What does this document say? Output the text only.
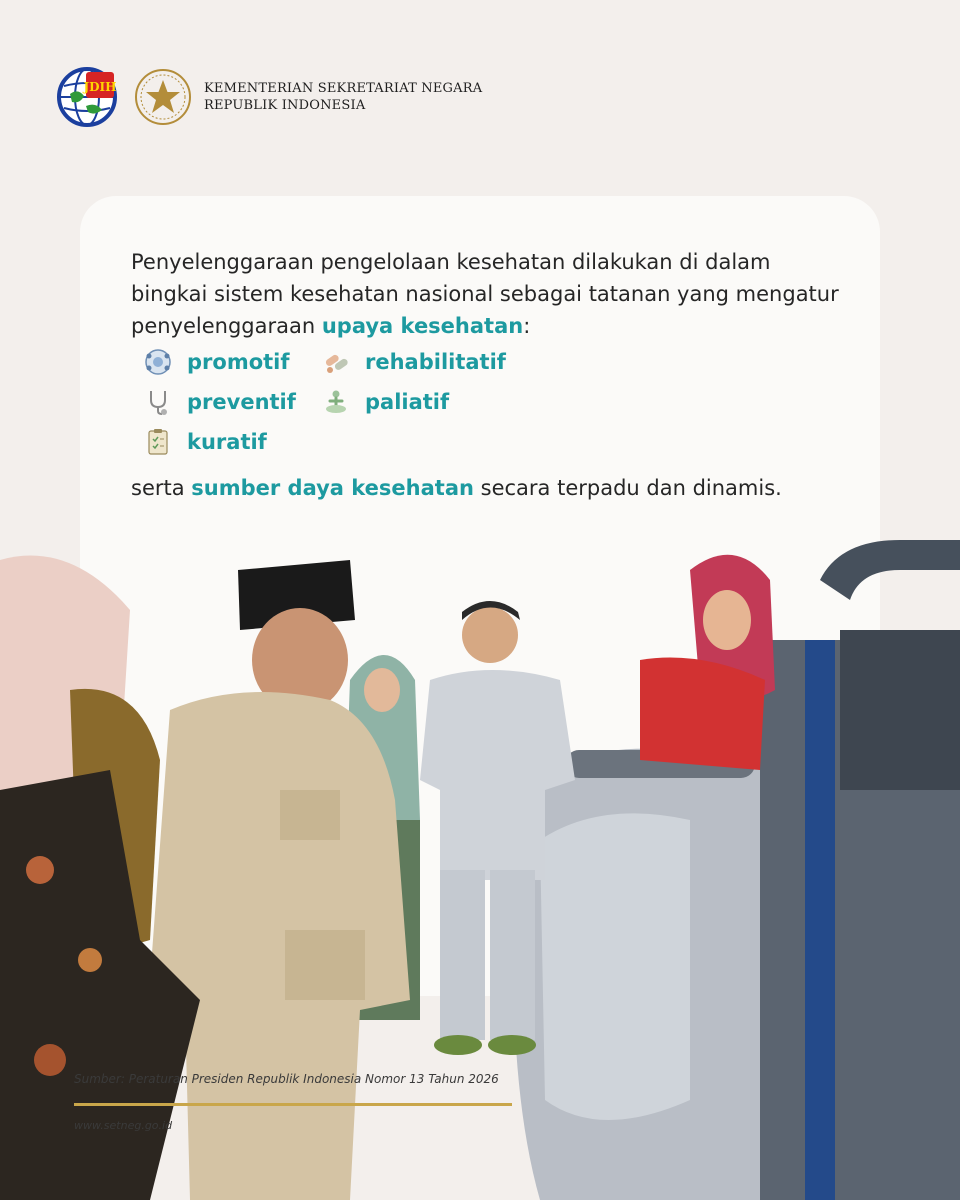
JDIH	KEMENTERIAN SEKRETARIAT NEGARA
REPUBLIK INDONESIA
Penyelenggaraan pengelolaan kesehatan dilakukan di dalam bingkai sistem kesehatan nasional sebagai tatanan yang mengatur penyelenggaraan upaya kesehatan:
promotif	rehabilitatif
preventif	paliatif
kuratif
serta sumber daya kesehatan secara terpadu dan dinamis.
Sumber: Peraturan Presiden Republik Indonesia Nomor 13 Tahun 2026
www.setneg.go.id
